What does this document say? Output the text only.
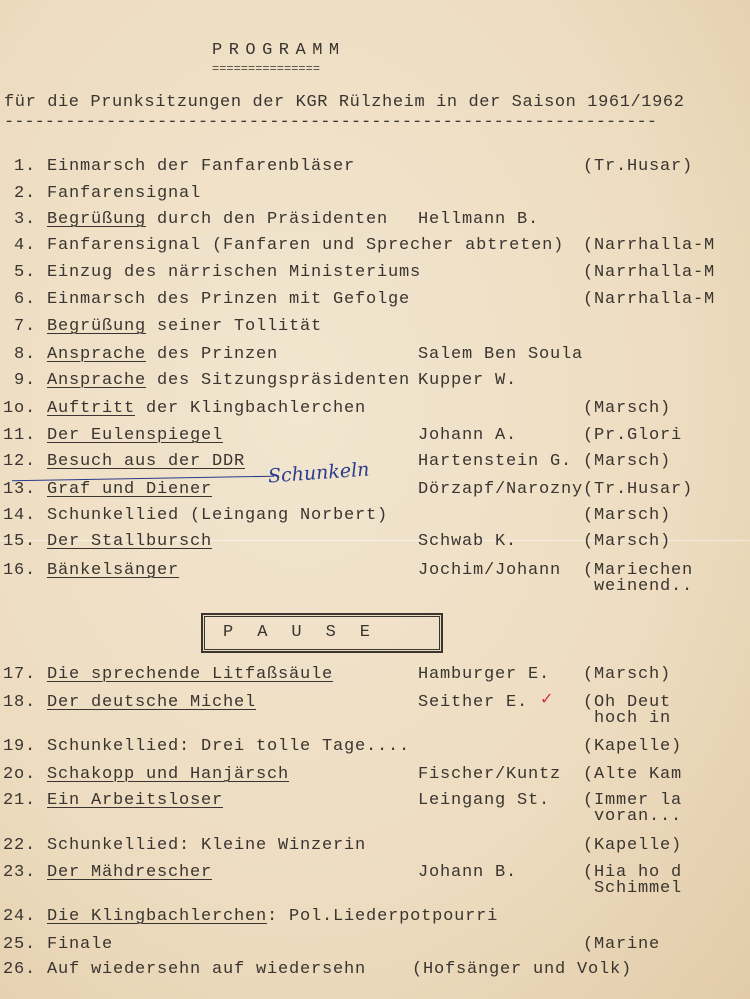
PROGRAMM
===============
für die Prunksitzungen der KGR Rülzheim in der Saison 1961/1962
----------------------------------------------------------------
1. Einmarsch der Fanfarenbläser	(Tr.Husar)
2. Fanfarensignal
3. Begrüßung durch den Präsidenten Hellmann B.
4. Fanfarensignal (Fanfaren und Sprecher abtreten) (Narrhalla-M
5. Einzug des närrischen Ministeriums	(Narrhalla-M
6. Einmarsch des Prinzen mit Gefolge	(Narrhalla-M
7. Begrüßung seiner Tollität
8. Ansprache des Prinzen	Salem Ben Soula
9. Ansprache des Sitzungspräsidenten Kupper W.
1o. Auftritt der Klingbachlerchen	(Marsch)
11. Der Eulenspiegel	Johann A.	(Pr.Glori
12. Besuch aus der DDR	Hartenstein G. (Marsch)
13. Graf und Diener	Dörzapf/Narozny (Tr.Husar)
14. Schunkellied (Leingang Norbert)	(Marsch)
15. Der Stallbursch	Schwab K.	(Marsch)
16. Bänkelsänger	Jochim/Johann (Mariechen
weinend..
17. Die sprechende Litfaßsäule	Hamburger E. (Marsch)
18. Der deutsche Michel	Seither E.	(Oh Deut
hoch in
19. Schunkellied: Drei tolle Tage....	(Kapelle)
2o. Schakopp und Hanjärsch	Fischer/Kuntz (Alte Kam
21. Ein Arbeitsloser	Leingang St. (Immer la
voran...
22. Schunkellied: Kleine Winzerin	(Kapelle)
23. Der Mähdrescher	Johann B.	(Hia ho d
Schimmel
24. Die Klingbachlerchen: Pol.Liederpotpourri
25. Finale	(Marine
26. Auf wiedersehn auf wiedersehn	(Hofsänger und Volk)
PAUSE
Schunkeln
✓
